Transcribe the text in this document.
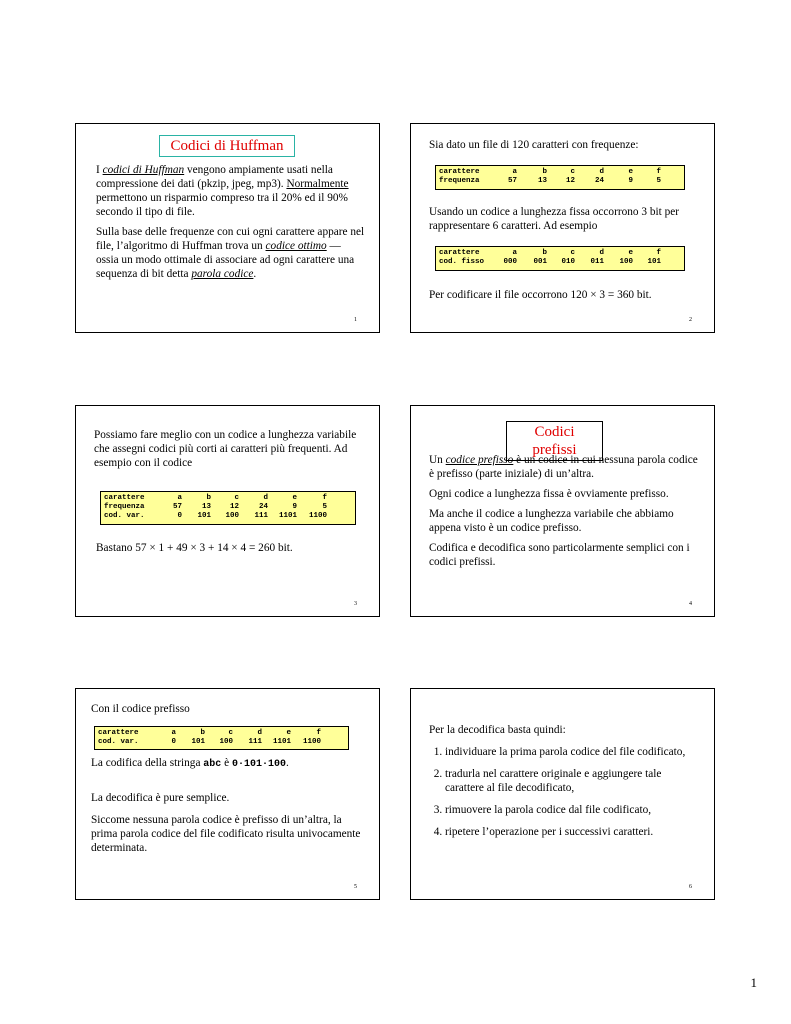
Codici di Huffman

I codici di Huffman vengono ampiamente usati nella compressione dei dati (pkzip, jpeg, mp3). Normalmente permettono un risparmio compreso tra il 20% ed il 90% secondo il tipo di file.

Sulla base delle frequenze con cui ogni carattere appare nel file, l’algoritmo di Huffman trova un codice ottimo — ossia un modo ottimale di associare ad ogni carattere una sequenza di bit detta parola codice.

1
Sia dato un file di 120 caratteri con frequenze:
carattere	a	b	c	d	e	f
frequenza	57	13	12	24	9	5
Usando un codice a lunghezza fissa occorrono 3 bit per rappresentare 6 caratteri. Ad esempio
carattere	a	b	c	d	e	f
cod. fisso	000	001	010	011	100	101
Per codificare il file occorrono 120 × 3 = 360 bit.
2
Possiamo fare meglio con un codice a lunghezza variabile che assegni codici più corti ai caratteri più frequenti. Ad esempio con il codice
carattere	a	b	c	d	e	f
frequenza	57	13	12	24	9	5
cod. var.	0	101	100	111	1101	1100
Bastano 57 × 1 + 49 × 3 + 14 × 4 = 260 bit.
3
Codici prefissi

Un codice prefisso è un codice in cui nessuna parola codice è prefisso (parte iniziale) di un’altra.

Ogni codice a lunghezza fissa è ovviamente prefisso.

Ma anche il codice a lunghezza variabile che abbiamo appena visto è un codice prefisso.

Codifica e decodifica sono particolarmente semplici con i codici prefissi.

4
Con il codice prefisso
carattere	a	b	c	d	e	f
cod. var.	0	101	100	111	1101	1100
La codifica della stringa abc è 0·101·100.
La decodifica è pure semplice.
Siccome nessuna parola codice è prefisso di un’altra, la prima parola codice del file codificato risulta univocamente determinata.
5
Per la decodifica basta quindi:
1. individuare la prima parola codice del file codificato,
2. tradurla nel carattere originale e aggiungere tale carattere al file decodificato,
3. rimuovere la parola codice dal file codificato,
4. ripetere l’operazione per i successivi caratteri.
6
1
